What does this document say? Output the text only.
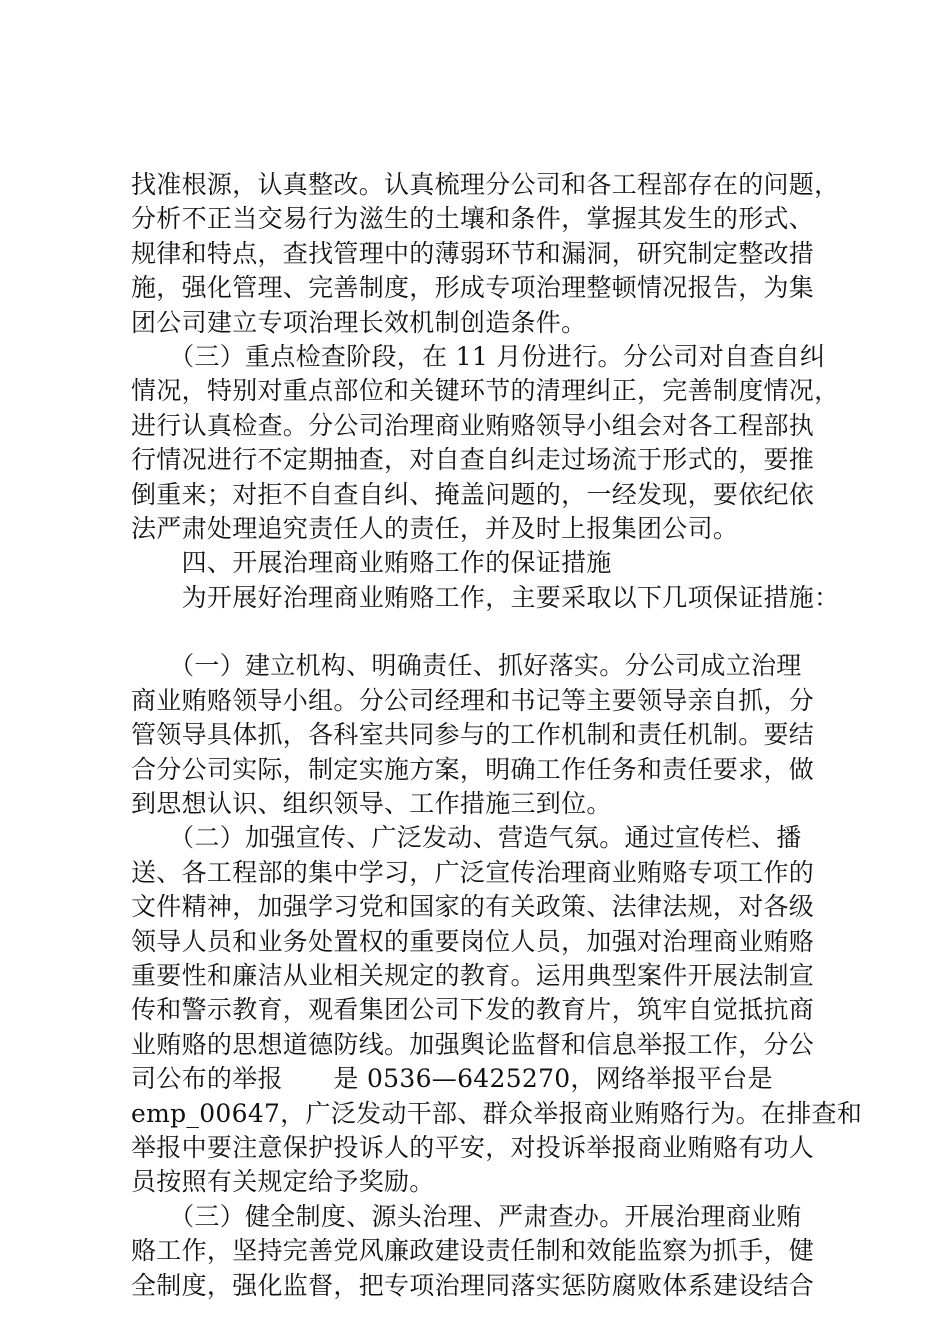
找准根源，认真整改。认真梳理分公司和各工程部存在的问题，
分析不正当交易行为滋生的土壤和条件，掌握其发生的形式、
规律和特点，查找管理中的薄弱环节和漏洞，研究制定整改措
施，强化管理、完善制度，形成专项治理整顿情况报告，为集
团公司建立专项治理长效机制创造条件。
　　（三）重点检查阶段，在 11 月份进行。分公司对自查自纠
情况，特别对重点部位和关键环节的清理纠正，完善制度情况，
进行认真检查。分公司治理商业贿赂领导小组会对各工程部执
行情况进行不定期抽查，对自查自纠走过场流于形式的，要推
倒重来；对拒不自查自纠、掩盖问题的，一经发现，要依纪依
法严肃处理追究责任人的责任，并及时上报集团公司。
　　四、开展治理商业贿赂工作的保证措施
　　为开展好治理商业贿赂工作，主要采取以下几项保证措施：
　　（一）建立机构、明确责任、抓好落实。分公司成立治理
商业贿赂领导小组。分公司经理和书记等主要领导亲自抓，分
管领导具体抓，各科室共同参与的工作机制和责任机制。要结
合分公司实际，制定实施方案，明确工作任务和责任要求，做
到思想认识、组织领导、工作措施三到位。
　　（二）加强宣传、广泛发动、营造气氛。通过宣传栏、播
送、各工程部的集中学习，广泛宣传治理商业贿赂专项工作的
文件精神，加强学习党和国家的有关政策、法律法规，对各级
领导人员和业务处置权的重要岗位人员，加强对治理商业贿赂
重要性和廉洁从业相关规定的教育。运用典型案件开展法制宣
传和警示教育，观看集团公司下发的教育片，筑牢自觉抵抗商
业贿赂的思想道德防线。加强舆论监督和信息举报工作，分公
司公布的举报　　是 0536—6425270，网络举报平台是
emp_00647，广泛发动干部、群众举报商业贿赂行为。在排查和
举报中要注意保护投诉人的平安，对投诉举报商业贿赂有功人
员按照有关规定给予奖励。
　　（三）健全制度、源头治理、严肃查办。开展治理商业贿
赂工作，坚持完善党风廉政建设责任制和效能监察为抓手，健
全制度，强化监督，把专项治理同落实惩防腐败体系建设结合
